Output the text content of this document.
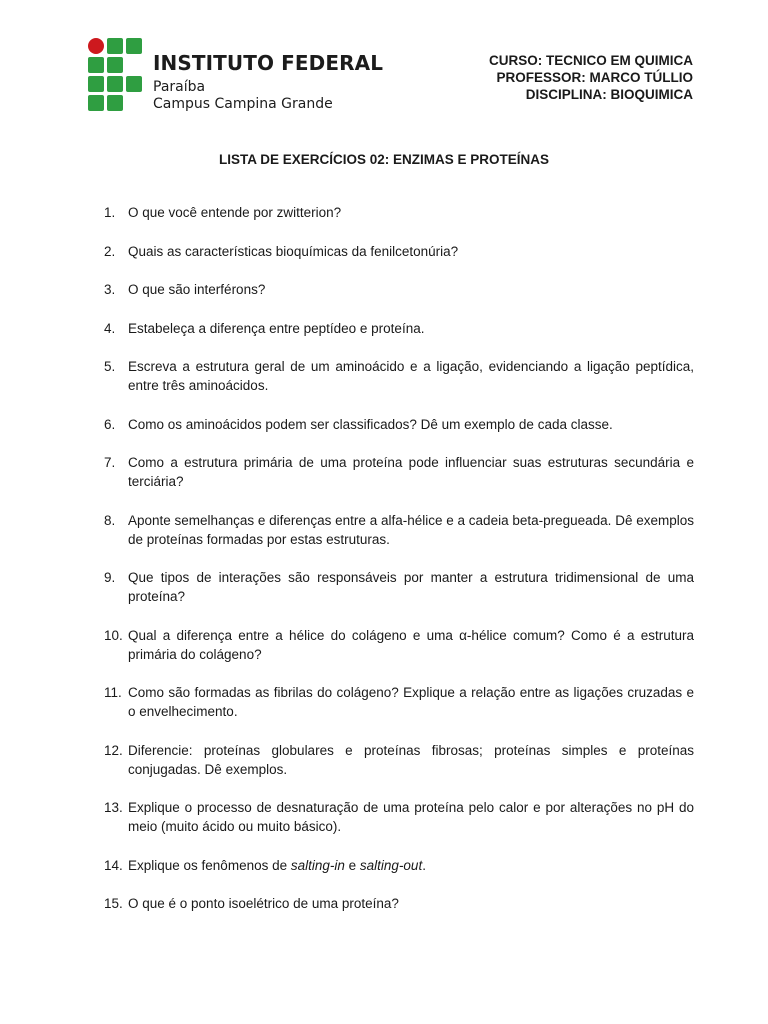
INSTITUTO FEDERAL
Paraíba
Campus Campina Grande
CURSO: TECNICO EM QUIMICA
PROFESSOR: MARCO TÚLLIO
DISCIPLINA: BIOQUIMICA
LISTA DE EXERCÍCIOS 02: ENZIMAS E PROTEÍNAS
1. O que você entende por zwitterion?
2. Quais as características bioquímicas da fenilcetonúria?
3. O que são interférons?
4. Estabeleça a diferença entre peptídeo e proteína.
5. Escreva a estrutura geral de um aminoácido e a ligação, evidenciando a ligação peptídica, entre três aminoácidos.
6. Como os aminoácidos podem ser classificados? Dê um exemplo de cada classe.
7. Como a estrutura primária de uma proteína pode influenciar suas estruturas secundária e terciária?
8. Aponte semelhanças e diferenças entre a alfa-hélice e a cadeia beta-pregueada. Dê exemplos de proteínas formadas por estas estruturas.
9. Que tipos de interações são responsáveis por manter a estrutura tridimensional de uma proteína?
10. Qual a diferença entre a hélice do colágeno e uma α-hélice comum? Como é a estrutura primária do colágeno?
11. Como são formadas as fibrilas do colágeno? Explique a relação entre as ligações cruzadas e o envelhecimento.
12. Diferencie: proteínas globulares e proteínas fibrosas; proteínas simples e proteínas conjugadas. Dê exemplos.
13. Explique o processo de desnaturação de uma proteína pelo calor e por alterações no pH do meio (muito ácido ou muito básico).
14. Explique os fenômenos de salting-in e salting-out.
15. O que é o ponto isoelétrico de uma proteína?
